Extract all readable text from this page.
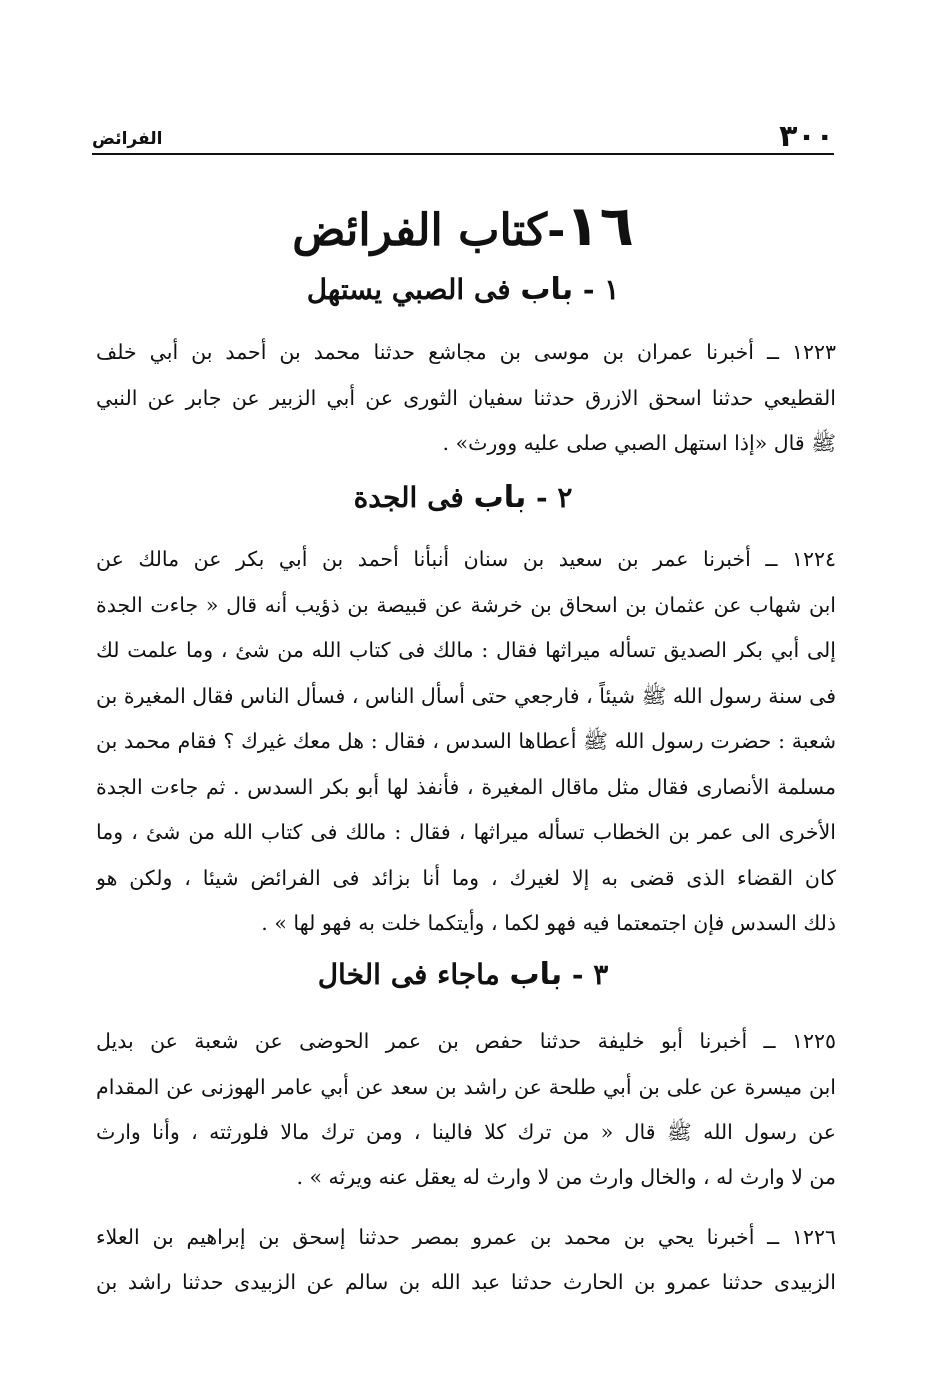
٣٠٠
الفرائض
١٦-كتاب الفرائض
١ - باب فى الصبي يستهل
١٢٢٣ ــ أخبرنا عمران بن موسى بن مجاشع حدثنا محمد بن أحمد بن أبي خلف
القطيعي حدثنا اسحق الازرق حدثنا سفيان الثورى عن أبي الزبير عن جابر عن النبي
ﷺ قال «إذا استهل الصبي صلى عليه وورث» .
٢ - باب فى الجدة
١٢٢٤ ــ أخبرنا عمر بن سعيد بن سنان أنبأنا أحمد بن أبي بكر عن مالك عن
ابن شهاب عن عثمان بن اسحاق بن خرشة عن قبيصة بن ذؤيب أنه قال « جاءت الجدة
إلى أبي بكر الصديق تسأله ميراثها فقال : مالك فى كتاب الله من شئ ، وما علمت لك
فى سنة رسول الله ﷺ شيئاً ، فارجعي حتى أسأل الناس ، فسأل الناس فقال المغيرة بن
شعبة : حضرت رسول الله ﷺ أعطاها السدس ، فقال : هل معك غيرك ؟ فقام محمد بن
مسلمة الأنصارى فقال مثل ماقال المغيرة ، فأنفذ لها أبو بكر السدس . ثم جاءت الجدة
الأخرى الى عمر بن الخطاب تسأله ميراثها ، فقال : مالك فى كتاب الله من شئ ، وما
كان القضاء الذى قضى به إلا لغيرك ، وما أنا بزائد فى الفرائض شيئا ، ولكن هو
ذلك السدس فإن اجتمعتما فيه فهو لكما ، وأيتكما خلت به فهو لها » .
٣ - باب ماجاء فى الخال
١٢٢٥ ــ أخبرنا أبو خليفة حدثنا حفص بن عمر الحوضى عن شعبة عن بديل
ابن ميسرة عن على بن أبي طلحة عن راشد بن سعد عن أبي عامر الهوزنى عن المقدام
عن رسول الله ﷺ قال « من ترك كلا فالينا ، ومن ترك مالا فلورثته ، وأنا وارث
من لا وارث له ، والخال وارث من لا وارث له يعقل عنه ويرثه » .
١٢٢٦ ــ أخبرنا يحي بن محمد بن عمرو بمصر حدثنا إسحق بن إبراهيم بن العلاء
الزبيدى حدثنا عمرو بن الحارث حدثنا عبد الله بن سالم عن الزبيدى حدثنا راشد بن
